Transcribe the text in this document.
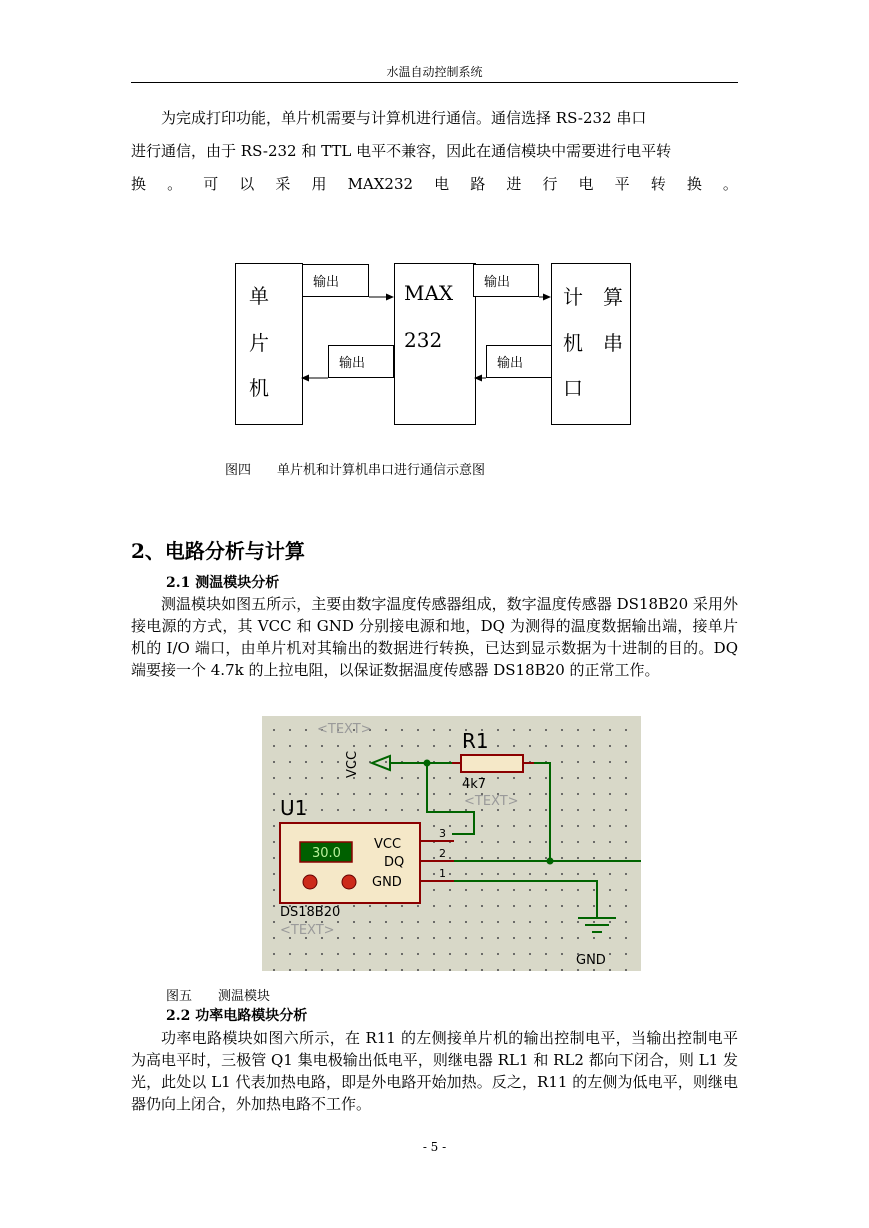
水温自动控制系统
为完成打印功能，单片机需要与计算机进行通信。通信选择 RS-232 串口
进行通信，由于 RS-232 和 TTL 电平不兼容，因此在通信模块中需要进行电平转
换 。 可 以 采 用 MAX232 电 路 进 行 电 平 转 换 。
单
片
机
MAX
232
计　算
机　串
口
输出	输出
输出	输出
图四　　单片机和计算机串口进行通信示意图
2、电路分析与计算
2.1 测温模块分析
测温模块如图五所示，主要由数字温度传感器组成，数字温度传感器 DS18B20 采用外接电源的方式，其 VCC 和 GND 分别接电源和地，DQ 为测得的温度数据输出端，接单片机的 I/O 端口，由单片机对其输出的数据进行转换，已达到显示数据为十进制的目的。DQ 端要接一个 4.7k 的上拉电阻，以保证数据温度传感器 DS18B20 的正常工作。
<TEXT>
VCC
R1
4k7
<TEXT>
U1
30.0
VCC
DQ
GND
3
2
1
DS18B20
<TEXT>
GND
图五　　测温模块
2.2 功率电路模块分析
功率电路模块如图六所示，在 R11 的左侧接单片机的输出控制电平，当输出控制电平为高电平时，三极管 Q1 集电极输出低电平，则继电器 RL1 和 RL2 都向下闭合，则 L1 发光，此处以 L1 代表加热电路，即是外电路开始加热。反之，R11 的左侧为低电平，则继电器仍向上闭合，外加热电路不工作。
- 5 -
